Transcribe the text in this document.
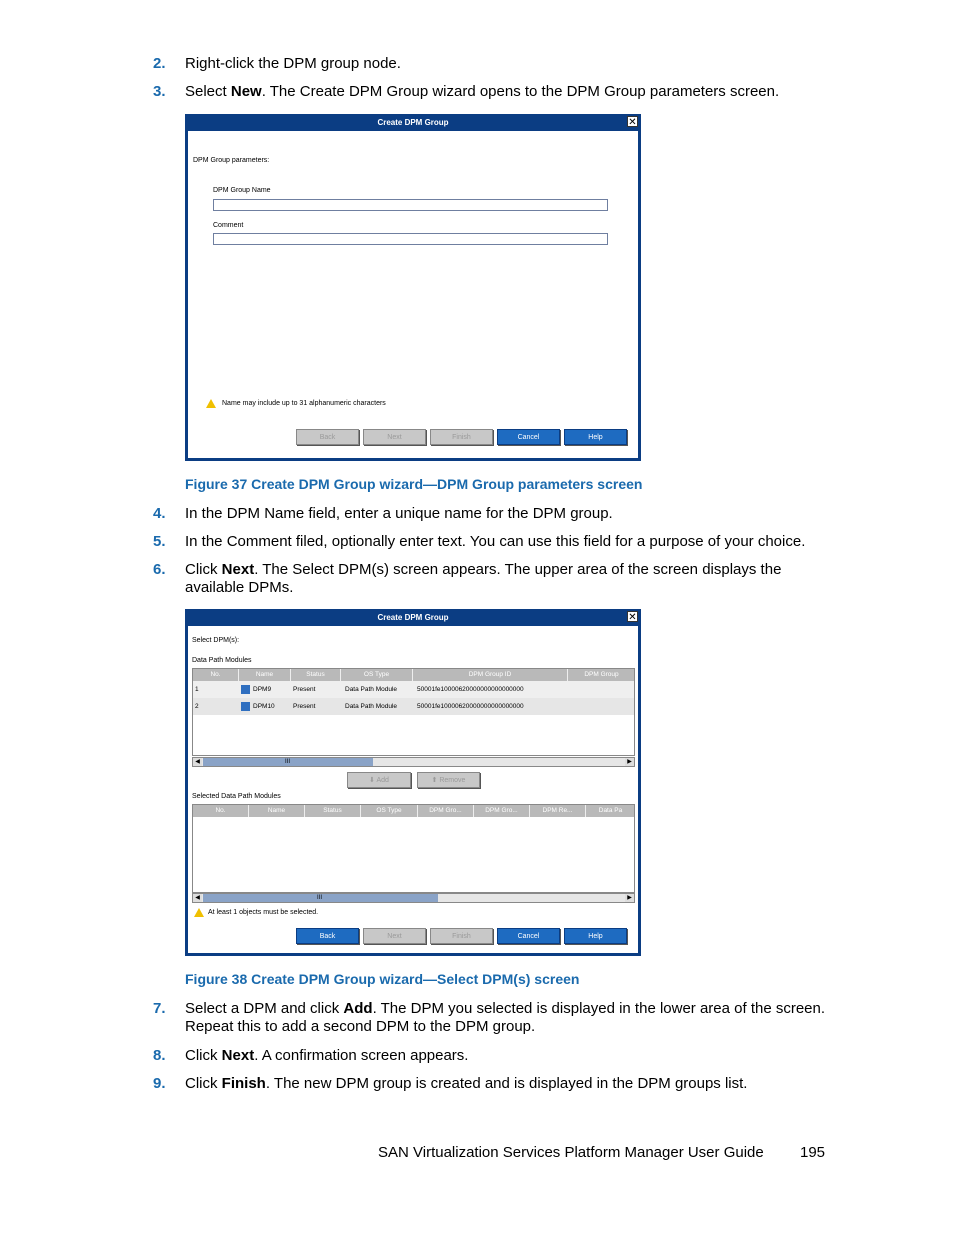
2. Right-click the DPM group node.
3. Select New. The Create DPM Group wizard opens to the DPM Group parameters screen.
Create DPM Group	✕
DPM Group parameters:
DPM Group Name
Comment
Name may include up to 31 alphanumeric characters
Back	Next	Finish	Cancel	Help
Figure 37 Create DPM Group wizard—DPM Group parameters screen
4. In the DPM Name field, enter a unique name for the DPM group.
5. In the Comment filed, optionally enter text. You can use this field for a purpose of your choice.
6. Click Next. The Select DPM(s) screen appears. The upper area of the screen displays the available DPMs.
Create DPM Group	✕
Select DPM(s):
Data Path Modules
No.	Name	Status	OS Type	DPM Group ID	DPM Group
1	DPM9	Present	Data Path Module	50001fe10000620000000000000000
2	DPM10	Present	Data Path Module	50001fe10000620000000000000000
◀	III	▶
⬇ Add	⬆ Remove
Selected Data Path Modules
No.	Name	Status	OS Type	DPM Gro...	DPM Gro...	DPM Re...	Data Pa
◀	III	▶
At least 1 objects must be selected.
Back	Next	Finish	Cancel	Help
Figure 38 Create DPM Group wizard—Select DPM(s) screen
7. Select a DPM and click Add. The DPM you selected is displayed in the lower area of the screen. Repeat this to add a second DPM to the DPM group.
8. Click Next. A confirmation screen appears.
9. Click Finish. The new DPM group is created and is displayed in the DPM groups list.
SAN Virtualization Services Platform Manager User Guide 195
